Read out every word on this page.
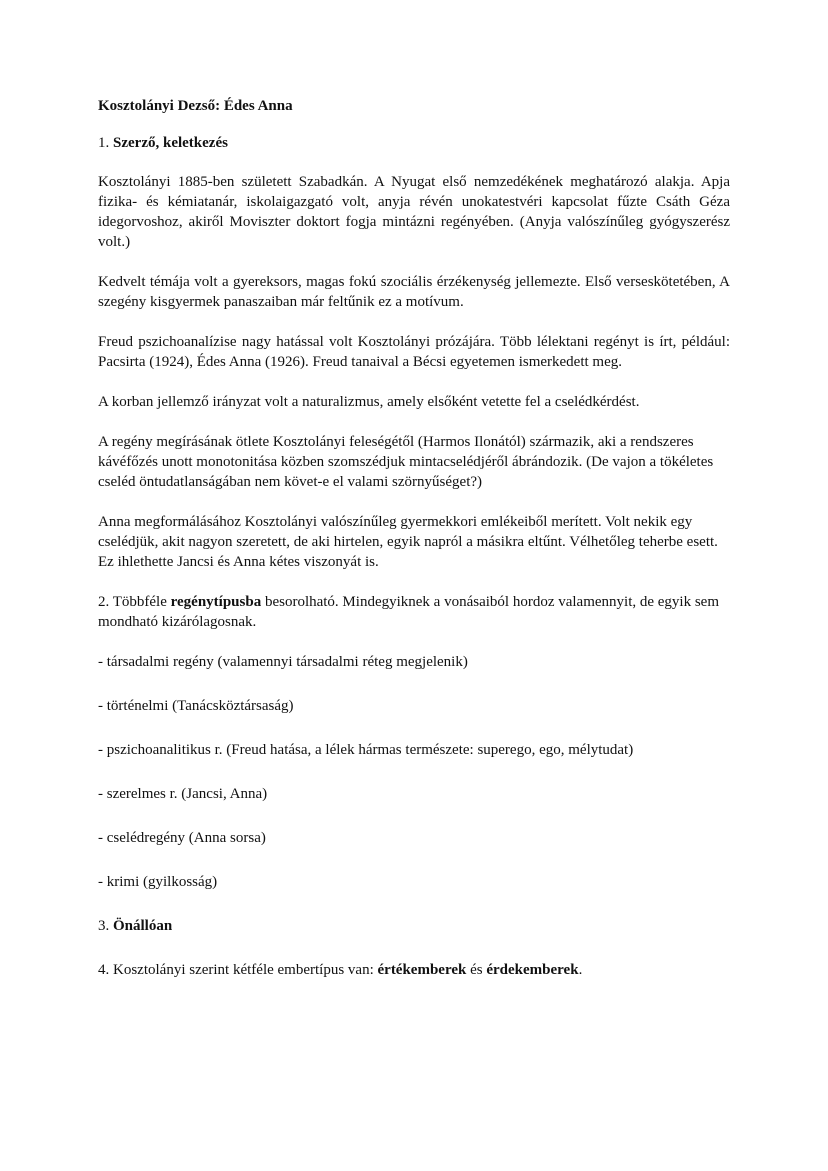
Kosztolányi Dezső: Édes Anna
1. Szerző, keletkezés
Kosztolányi 1885-ben született Szabadkán. A Nyugat első nemzedékének meghatározó alakja. Apja fizika- és kémiatanár, iskolaigazgató volt, anyja révén unokatestvéri kapcsolat fűzte Csáth Géza idegorvoshoz, akiről Moviszter doktort fogja mintázni regényében. (Anyja valószínűleg gyógyszerész volt.)
Kedvelt témája volt a gyereksors, magas fokú szociális érzékenység jellemezte. Első verseskötetében, A szegény kisgyermek panaszaiban már feltűnik ez a motívum.
Freud pszichoanalízise nagy hatással volt Kosztolányi prózájára. Több lélektani regényt is írt, például: Pacsirta (1924), Édes Anna (1926). Freud tanaival a Bécsi egyetemen ismerkedett meg.
A korban jellemző irányzat volt a naturalizmus, amely elsőként vetette fel a cselédkérdést.
A regény megírásának ötlete Kosztolányi feleségétől (Harmos Ilonától) származik, aki a rendszeres kávéfőzés unott monotonitása közben szomszédjuk mintacselédjéről ábrándozik. (De vajon a tökéletes cseléd öntudatlanságában nem követ-e el valami szörnyűséget?)
Anna megformálásához Kosztolányi valószínűleg gyermekkori emlékeiből merített. Volt nekik egy cselédjük, akit nagyon szeretett, de aki hirtelen, egyik napról a másikra eltűnt. Vélhetőleg teherbe esett. Ez ihlethette Jancsi és Anna kétes viszonyát is.
2. Többféle regénytípusba besorolható. Mindegyiknek a vonásaiból hordoz valamennyit, de egyik sem mondható kizárólagosnak.
- társadalmi regény (valamennyi társadalmi réteg megjelenik)
- történelmi (Tanácsköztársaság)
- pszichoanalitikus r. (Freud hatása, a lélek hármas természete: superego, ego, mélytudat)
- szerelmes r. (Jancsi, Anna)
- cselédregény (Anna sorsa)
- krimi (gyilkosság)
3. Önállóan
4. Kosztolányi szerint kétféle embertípus van: értékemberek és érdekemberek.
